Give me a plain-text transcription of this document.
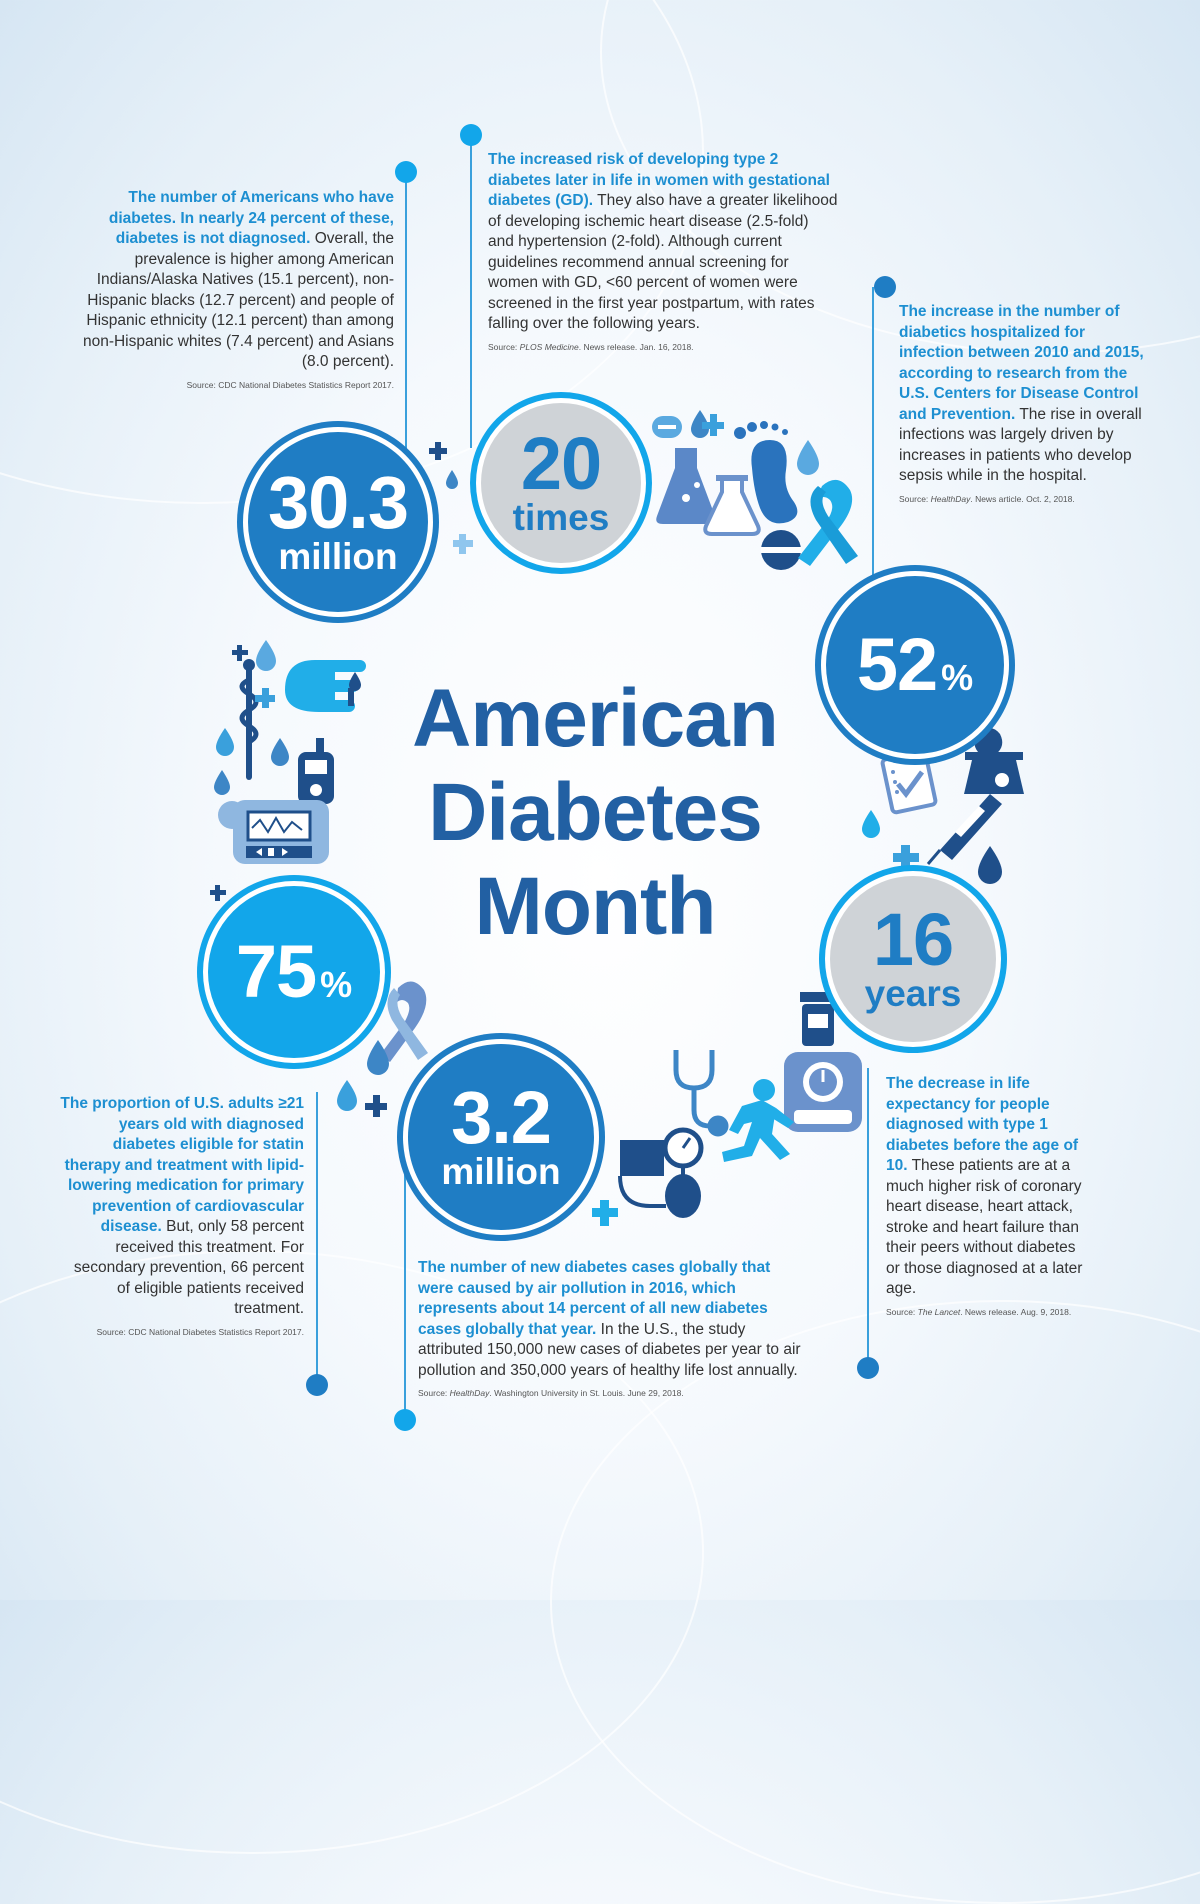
30.3
million
20
times
52 %
16
years
3.2
million
75 %
American
Diabetes
Month
The number of Americans who have diabetes. In nearly 24 percent of these, diabetes is not diagnosed. Overall, the prevalence is higher among American Indians/Alaska Natives (15.1 percent), non-Hispanic blacks (12.7 percent) and people of Hispanic ethnicity (12.1 percent) than among non-Hispanic whites (7.4 percent) and Asians (8.0 percent).
Source: CDC National Diabetes Statistics Report 2017.
The increased risk of developing type 2 diabetes later in life in women with gestational diabetes (GD). They also have a greater likelihood of developing ischemic heart disease (2.5-fold) and hypertension (2-fold). Although current guidelines recommend annual screening for women with GD, <60 percent of women were screened in the first year postpartum, with rates falling over the following years.
Source: PLOS Medicine. News release. Jan. 16, 2018.
The increase in the number of diabetics hospitalized for infection between 2010 and 2015, according to research from the U.S. Centers for Disease Control and Prevention. The rise in overall infections was largely driven by increases in patients who develop sepsis while in the hospital.
Source: HealthDay. News article. Oct. 2, 2018.
The decrease in life expectancy for people diagnosed with type 1 diabetes before the age of 10. These patients are at a much higher risk of coronary heart disease, heart attack, stroke and heart failure than their peers without diabetes or those diagnosed at a later age.
Source: The Lancet. News release. Aug. 9, 2018.
The number of new diabetes cases globally that were caused by air pollution in 2016, which represents about 14 percent of all new diabetes cases globally that year. In the U.S., the study attributed 150,000 new cases of diabetes per year to air pollution and 350,000 years of healthy life lost annually.
Source: HealthDay. Washington University in St. Louis. June 29, 2018.
The proportion of U.S. adults ≥21 years old with diagnosed diabetes eligible for statin therapy and treatment with lipid-lowering medication for primary prevention of cardiovascular disease. But, only 58 percent received this treatment. For secondary prevention, 66 percent of eligible patients received treatment.
Source: CDC National Diabetes Statistics Report 2017.
